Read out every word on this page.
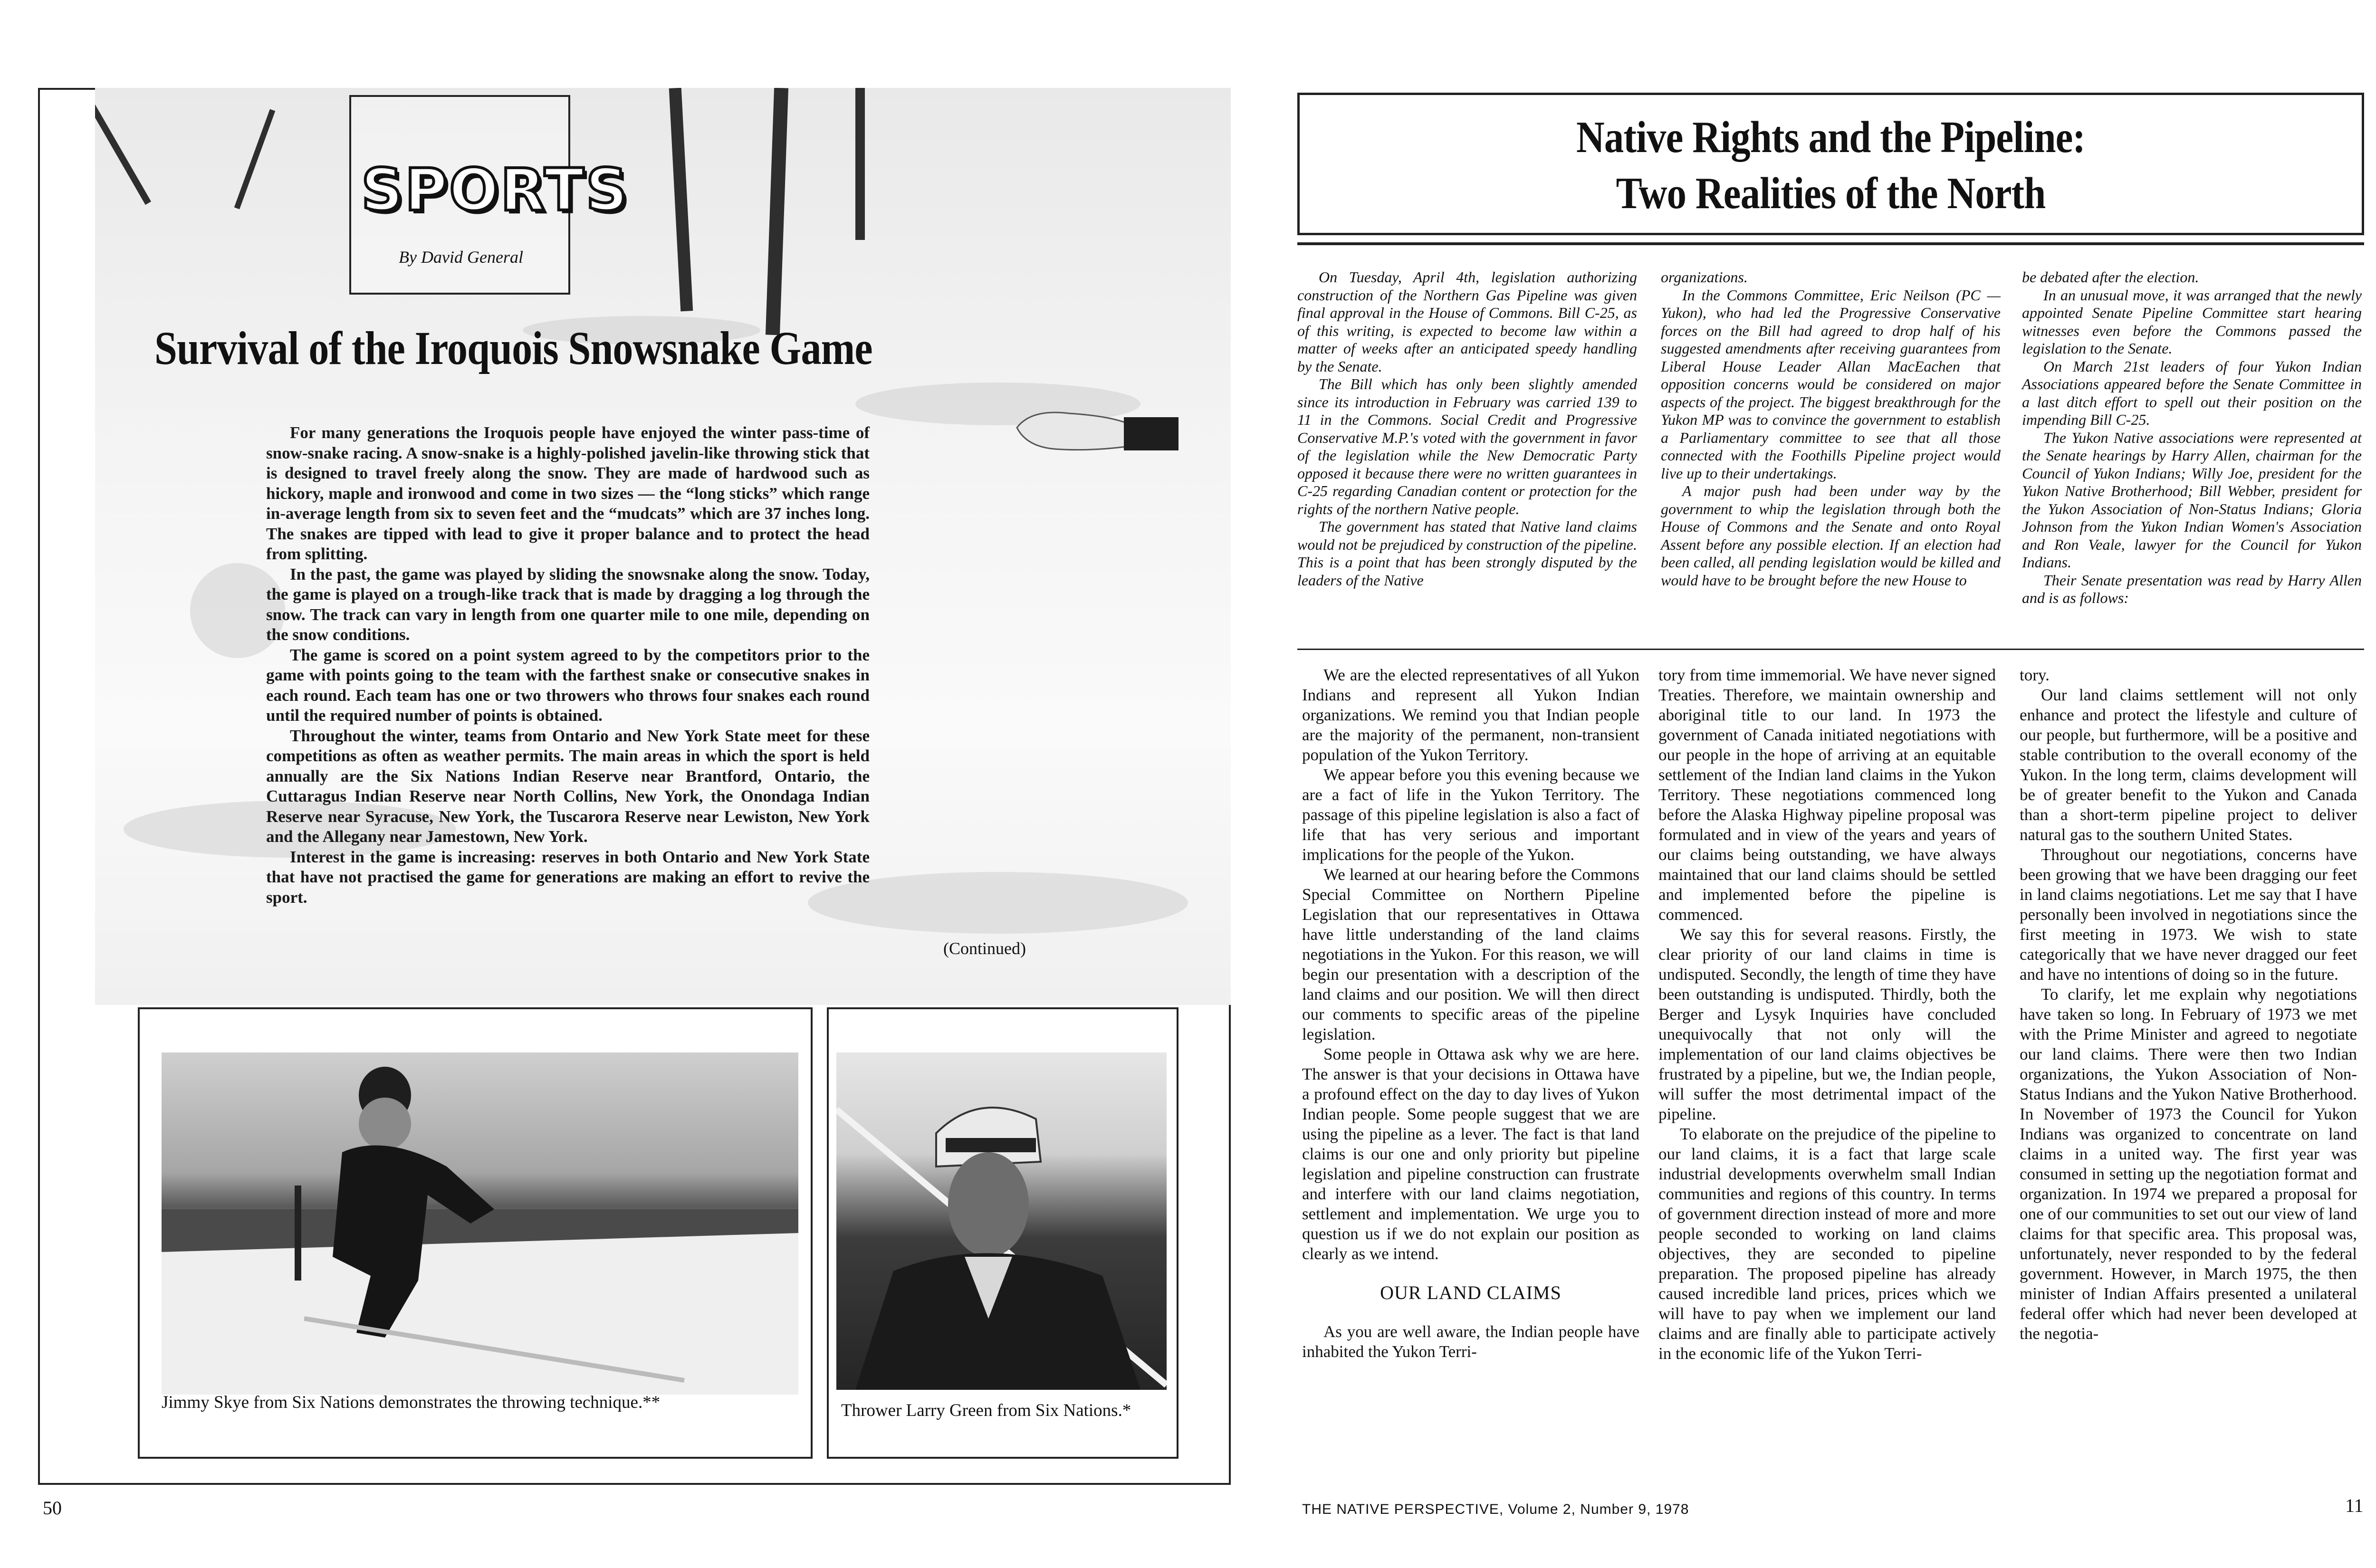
SPORTS
By David General
Survival of the Iroquois Snowsnake Game

For many generations the Iroquois people have enjoyed the winter pass-time of snow-snake racing. A snow-snake is a highly-polished javelin-like throwing stick that is designed to travel freely along the snow. They are made of hardwood such as hickory, maple and ironwood and come in two sizes — the “long sticks” which range in-average length from six to seven feet and the “mudcats” which are 37 inches long. The snakes are tipped with lead to give it proper balance and to protect the head from splitting.

In the past, the game was played by sliding the snowsnake along the snow. Today, the game is played on a trough-like track that is made by dragging a log through the snow. The track can vary in length from one quarter mile to one mile, depending on the snow conditions.

The game is scored on a point system agreed to by the competitors prior to the game with points going to the team with the farthest snake or consecutive snakes in each round. Each team has one or two throwers who throws four snakes each round until the required number of points is obtained.

Throughout the winter, teams from Ontario and New York State meet for these competitions as often as weather permits. The main areas in which the sport is held annually are the Six Nations Indian Reserve near Brantford, Ontario, the Cuttaragus Indian Reserve near North Collins, New York, the Onondaga Indian Reserve near Syracuse, New York, the Tuscarora Reserve near Lewiston, New York and the Allegany near Jamestown, New York.

Interest in the game is increasing: reserves in both Ontario and New York State that have not practised the game for generations are making an effort to revive the sport.

(Continued)
Jimmy Skye from Six Nations demonstrates the throwing technique.**	Thrower Larry Green from Six Nations.*
50
Native Rights and the Pipeline:
Two Realities of the North

On Tuesday, April 4th, legislation authorizing construction of the Northern Gas Pipeline was given final approval in the House of Commons. Bill C-25, as of this writing, is expected to become law within a matter of weeks after an anticipated speedy handling by the Senate.

The Bill which has only been slightly amended since its introduction in February was carried 139 to 11 in the Commons. Social Credit and Progressive Conservative M.P.'s voted with the government in favor of the legislation while the New Democratic Party opposed it because there were no written guarantees in C-25 regarding Canadian content or protection for the rights of the northern Native people.

The government has stated that Native land claims would not be prejudiced by construction of the pipeline. This is a point that has been strongly disputed by the leaders of the Native

organizations.

In the Commons Committee, Eric Neilson (PC — Yukon), who had led the Progressive Conservative forces on the Bill had agreed to drop half of his suggested amendments after receiving guarantees from Liberal House Leader Allan MacEachen that opposition concerns would be considered on major aspects of the project. The biggest breakthrough for the Yukon MP was to convince the government to establish a Parliamentary committee to see that all those connected with the Foothills Pipeline project would live up to their undertakings.

A major push had been under way by the government to whip the legislation through both the House of Commons and the Senate and onto Royal Assent before any possible election. If an election had been called, all pending legislation would be killed and would have to be brought before the new House to

be debated after the election.

In an unusual move, it was arranged that the newly appointed Senate Pipeline Committee start hearing witnesses even before the Commons passed the legislation to the Senate.

On March 21st leaders of four Yukon Indian Associations appeared before the Senate Committee in a last ditch effort to spell out their position on the impending Bill C-25.

The Yukon Native associations were represented at the Senate hearings by Harry Allen, chairman for the Council of Yukon Indians; Willy Joe, president for the Yukon Native Brotherhood; Bill Webber, president for the Yukon Association of Non-Status Indians; Gloria Johnson from the Yukon Indian Women's Association and Ron Veale, lawyer for the Council for Yukon Indians.

Their Senate presentation was read by Harry Allen and is as follows:

We are the elected representatives of all Yukon Indians and represent all Yukon Indian organizations. We remind you that Indian people are the majority of the permanent, non-transient population of the Yukon Territory.

We appear before you this evening because we are a fact of life in the Yukon Territory. The passage of this pipeline legislation is also a fact of life that has very serious and important implications for the people of the Yukon.

We learned at our hearing before the Commons Special Committee on Northern Pipeline Legislation that our representatives in Ottawa have little understanding of the land claims negotiations in the Yukon. For this reason, we will begin our presentation with a description of the land claims and our position. We will then direct our comments to specific areas of the pipeline legislation.

Some people in Ottawa ask why we are here. The answer is that your decisions in Ottawa have a profound effect on the day to day lives of Yukon Indian people. Some people suggest that we are using the pipeline as a lever. The fact is that land claims is our one and only priority but pipeline legislation and pipeline construction can frustrate and interfere with our land claims negotiation, settlement and implementation. We urge you to question us if we do not explain our position as clearly as we intend.

OUR LAND CLAIMS

As you are well aware, the Indian people have inhabited the Yukon Terri-

tory from time immemorial. We have never signed Treaties. Therefore, we maintain ownership and aboriginal title to our land. In 1973 the government of Canada initiated negotiations with our people in the hope of arriving at an equitable settlement of the Indian land claims in the Yukon Territory. These negotiations commenced long before the Alaska Highway pipeline proposal was formulated and in view of the years and years of our claims being outstanding, we have always maintained that our land claims should be settled and implemented before the pipeline is commenced.

We say this for several reasons. Firstly, the clear priority of our land claims in time is undisputed. Secondly, the length of time they have been outstanding is undisputed. Thirdly, both the Berger and Lysyk Inquiries have concluded unequivocally that not only will the implementation of our land claims objectives be frustrated by a pipeline, but we, the Indian people, will suffer the most detrimental impact of the pipeline.

To elaborate on the prejudice of the pipeline to our land claims, it is a fact that large scale industrial developments overwhelm small Indian communities and regions of this country. In terms of government direction instead of more and more people seconded to working on land claims objectives, they are seconded to pipeline preparation. The proposed pipeline has already caused incredible land prices, prices which we will have to pay when we implement our land claims and are finally able to participate actively in the economic life of the Yukon Terri-

tory.

Our land claims settlement will not only enhance and protect the lifestyle and culture of our people, but furthermore, will be a positive and stable contribution to the overall economy of the Yukon. In the long term, claims development will be of greater benefit to the Yukon and Canada than a short-term pipeline project to deliver natural gas to the southern United States.

Throughout our negotiations, concerns have been growing that we have been dragging our feet in land claims negotiations. Let me say that I have personally been involved in negotiations since the first meeting in 1973. We wish to state categorically that we have never dragged our feet and have no intentions of doing so in the future.

To clarify, let me explain why negotiations have taken so long. In February of 1973 we met with the Prime Minister and agreed to negotiate our land claims. There were then two Indian organizations, the Yukon Association of Non-Status Indians and the Yukon Native Brotherhood. In November of 1973 the Council for Yukon Indians was organized to concentrate on land claims in a united way. The first year was consumed in setting up the negotiation format and organization. In 1974 we prepared a proposal for one of our communities to set out our view of land claims for that specific area. This proposal was, unfortunately, never responded to by the federal government. However, in March 1975, the then minister of Indian Affairs presented a unilateral federal offer which had never been developed at the negotia-

THE NATIVE PERSPECTIVE, Volume 2, Number 9, 1978	11
